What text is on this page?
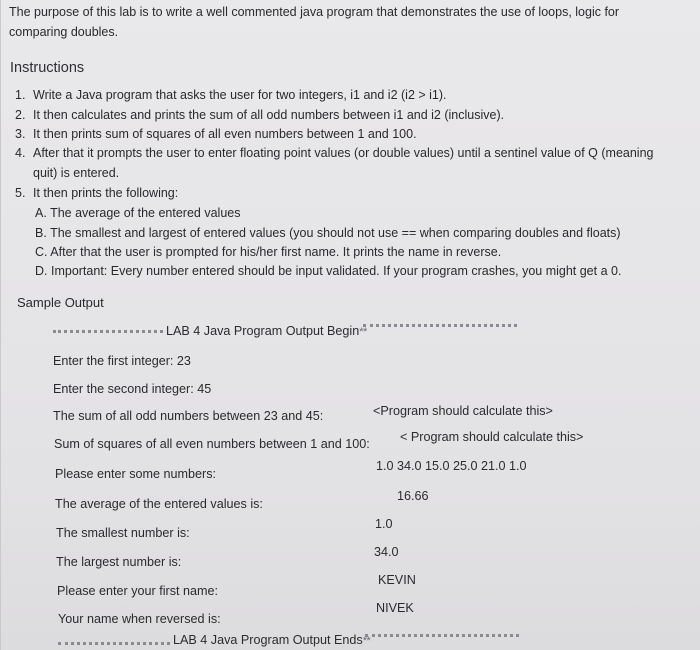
The purpose of this lab is to write a well commented java program that demonstrates the use of loops, logic for
comparing doubles.
Instructions
1. Write a Java program that asks the user for two integers, i1 and i2 (i2 > i1).
2. It then calculates and prints the sum of all odd numbers between i1 and i2 (inclusive).
3. It then prints sum of squares of all even numbers between 1 and 100.
4. After that it prompts the user to enter floating point values (or double values) until a sentinel value of Q (meaning
quit) is entered.
5. It then prints the following:
A. The average of the entered values
B. The smallest and largest of entered values (you should not use == when comparing doubles and floats)
C. After that the user is prompted for his/her first name. It prints the name in reverse.
D. Important: Every number entered should be input validated. If your program crashes, you might get a 0.
Sample Output
LAB 4 Java Program Output Begin**
Enter the first integer: 23
Enter the second integer: 45
The sum of all odd numbers between 23 and 45:	<Program should calculate this>
Sum of squares of all even numbers between 1 and 100: < Program should calculate this>
Please enter some numbers:
1.0 34.0 15.0 25.0 21.0 1.0
The average of the entered values is:
16.66
The smallest number is:
1.0
The largest number is:
34.0
Please enter your first name:
KEVIN
Your name when reversed is:
NIVEK
LAB 4 Java Program Output Ends**
